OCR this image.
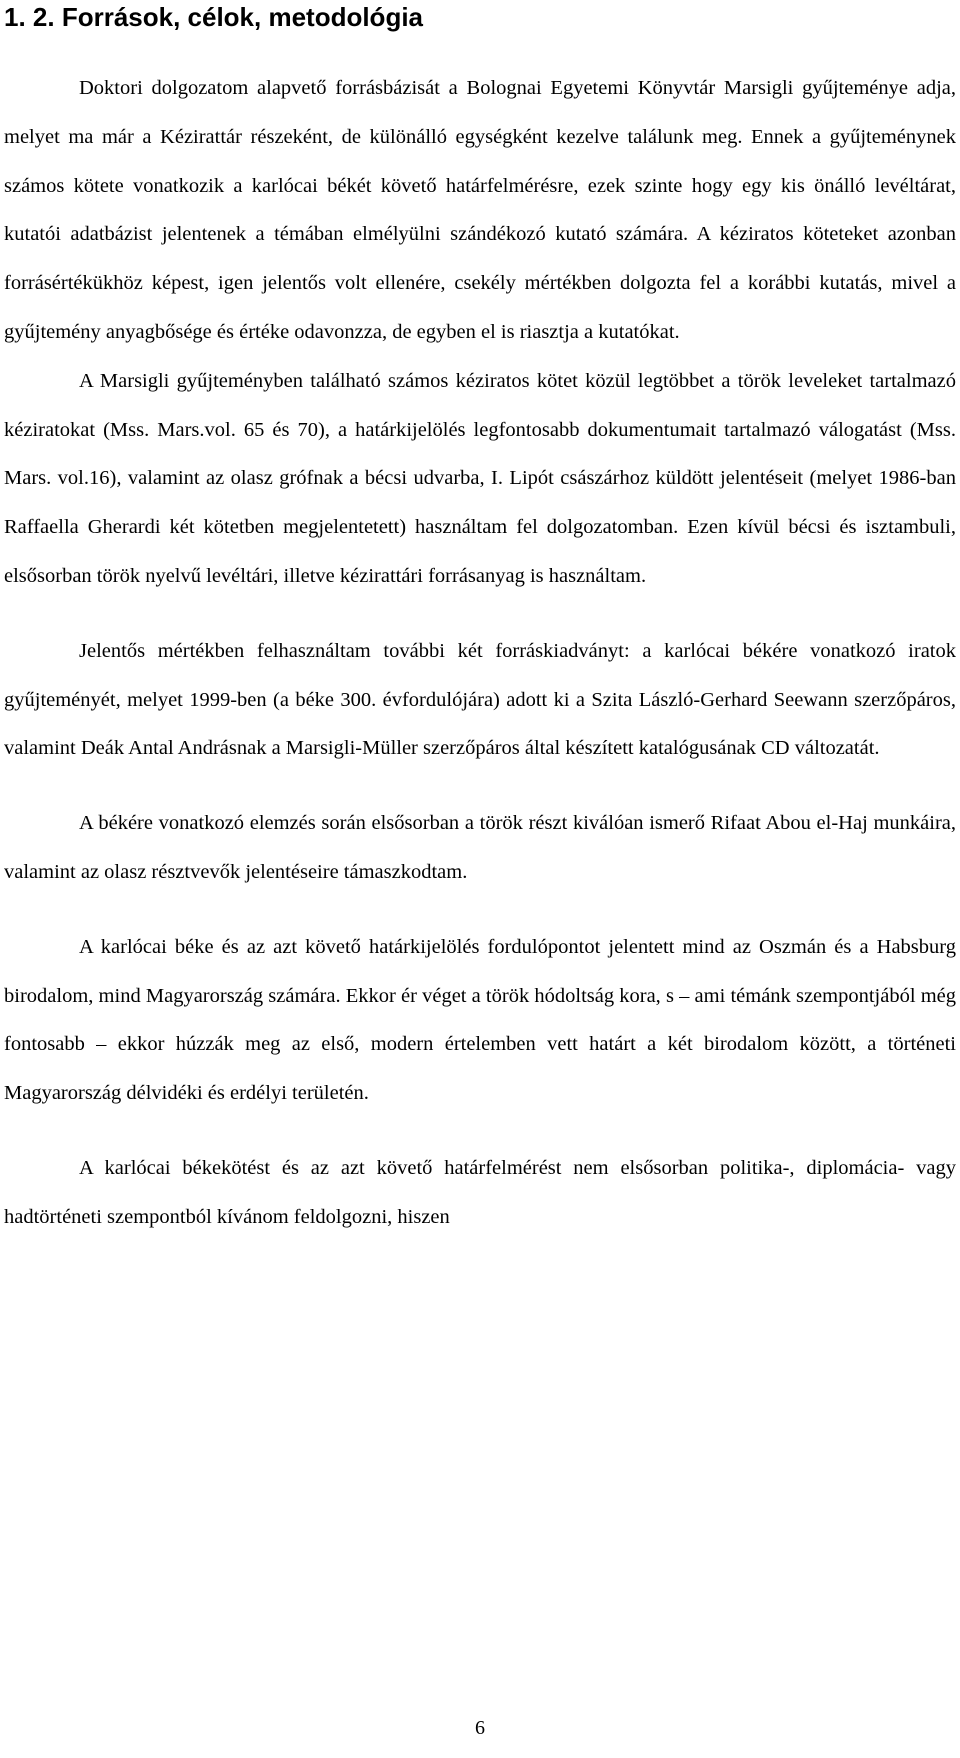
1. 2. Források, célok, metodológia

Doktori dolgozatom alapvető forrásbázisát a Bolognai Egyetemi Könyvtár Marsigli gyűjteménye adja, melyet ma már a Kézirattár részeként, de különálló egységként kezelve találunk meg. Ennek a gyűjteménynek számos kötete vonatkozik a karlócai békét követő határfelmérésre, ezek szinte hogy egy kis önálló levéltárat, kutatói adatbázist jelentenek a témában elmélyülni szándékozó kutató számára. A kéziratos köteteket azonban forrásértékükhöz képest, igen jelentős volt ellenére, csekély mértékben dolgozta fel a korábbi kutatás, mivel a gyűjtemény anyagbősége és értéke odavonzza, de egyben el is riasztja a kutatókat.

A Marsigli gyűjteményben található számos kéziratos kötet közül legtöbbet a török leveleket tartalmazó kéziratokat (Mss. Mars.vol. 65 és 70), a határkijelölés legfontosabb dokumentumait tartalmazó válogatást (Mss. Mars. vol.16), valamint az olasz grófnak a bécsi udvarba, I. Lipót császárhoz küldött jelentéseit (melyet 1986-ban Raffaella Gherardi két kötetben megjelentetett) használtam fel dolgozatomban. Ezen kívül bécsi és isztambuli, elsősorban török nyelvű levéltári, illetve kézirattári forrásanyag is használtam.

Jelentős mértékben felhasználtam további két forráskiadványt: a karlócai békére vonatkozó iratok gyűjteményét, melyet 1999-ben (a béke 300. évfordulójára) adott ki a Szita László-Gerhard Seewann szerzőpáros, valamint Deák Antal Andrásnak a Marsigli-Müller szerzőpáros által készített katalógusának CD változatát.

A békére vonatkozó elemzés során elsősorban a török részt kiválóan ismerő Rifaat Abou el-Haj munkáira, valamint az olasz résztvevők jelentéseire támaszkodtam.

A karlócai béke és az azt követő határkijelölés fordulópontot jelentett mind az Oszmán és a Habsburg birodalom, mind Magyarország számára. Ekkor ér véget a török hódoltság kora, s – ami témánk szempontjából még fontosabb – ekkor húzzák meg az első, modern értelemben vett határt a két birodalom között, a történeti Magyarország délvidéki és erdélyi területén.

A karlócai békekötést és az azt követő határfelmérést nem elsősorban politika-, diplomácia- vagy hadtörténeti szempontból kívánom feldolgozni, hiszen

6
